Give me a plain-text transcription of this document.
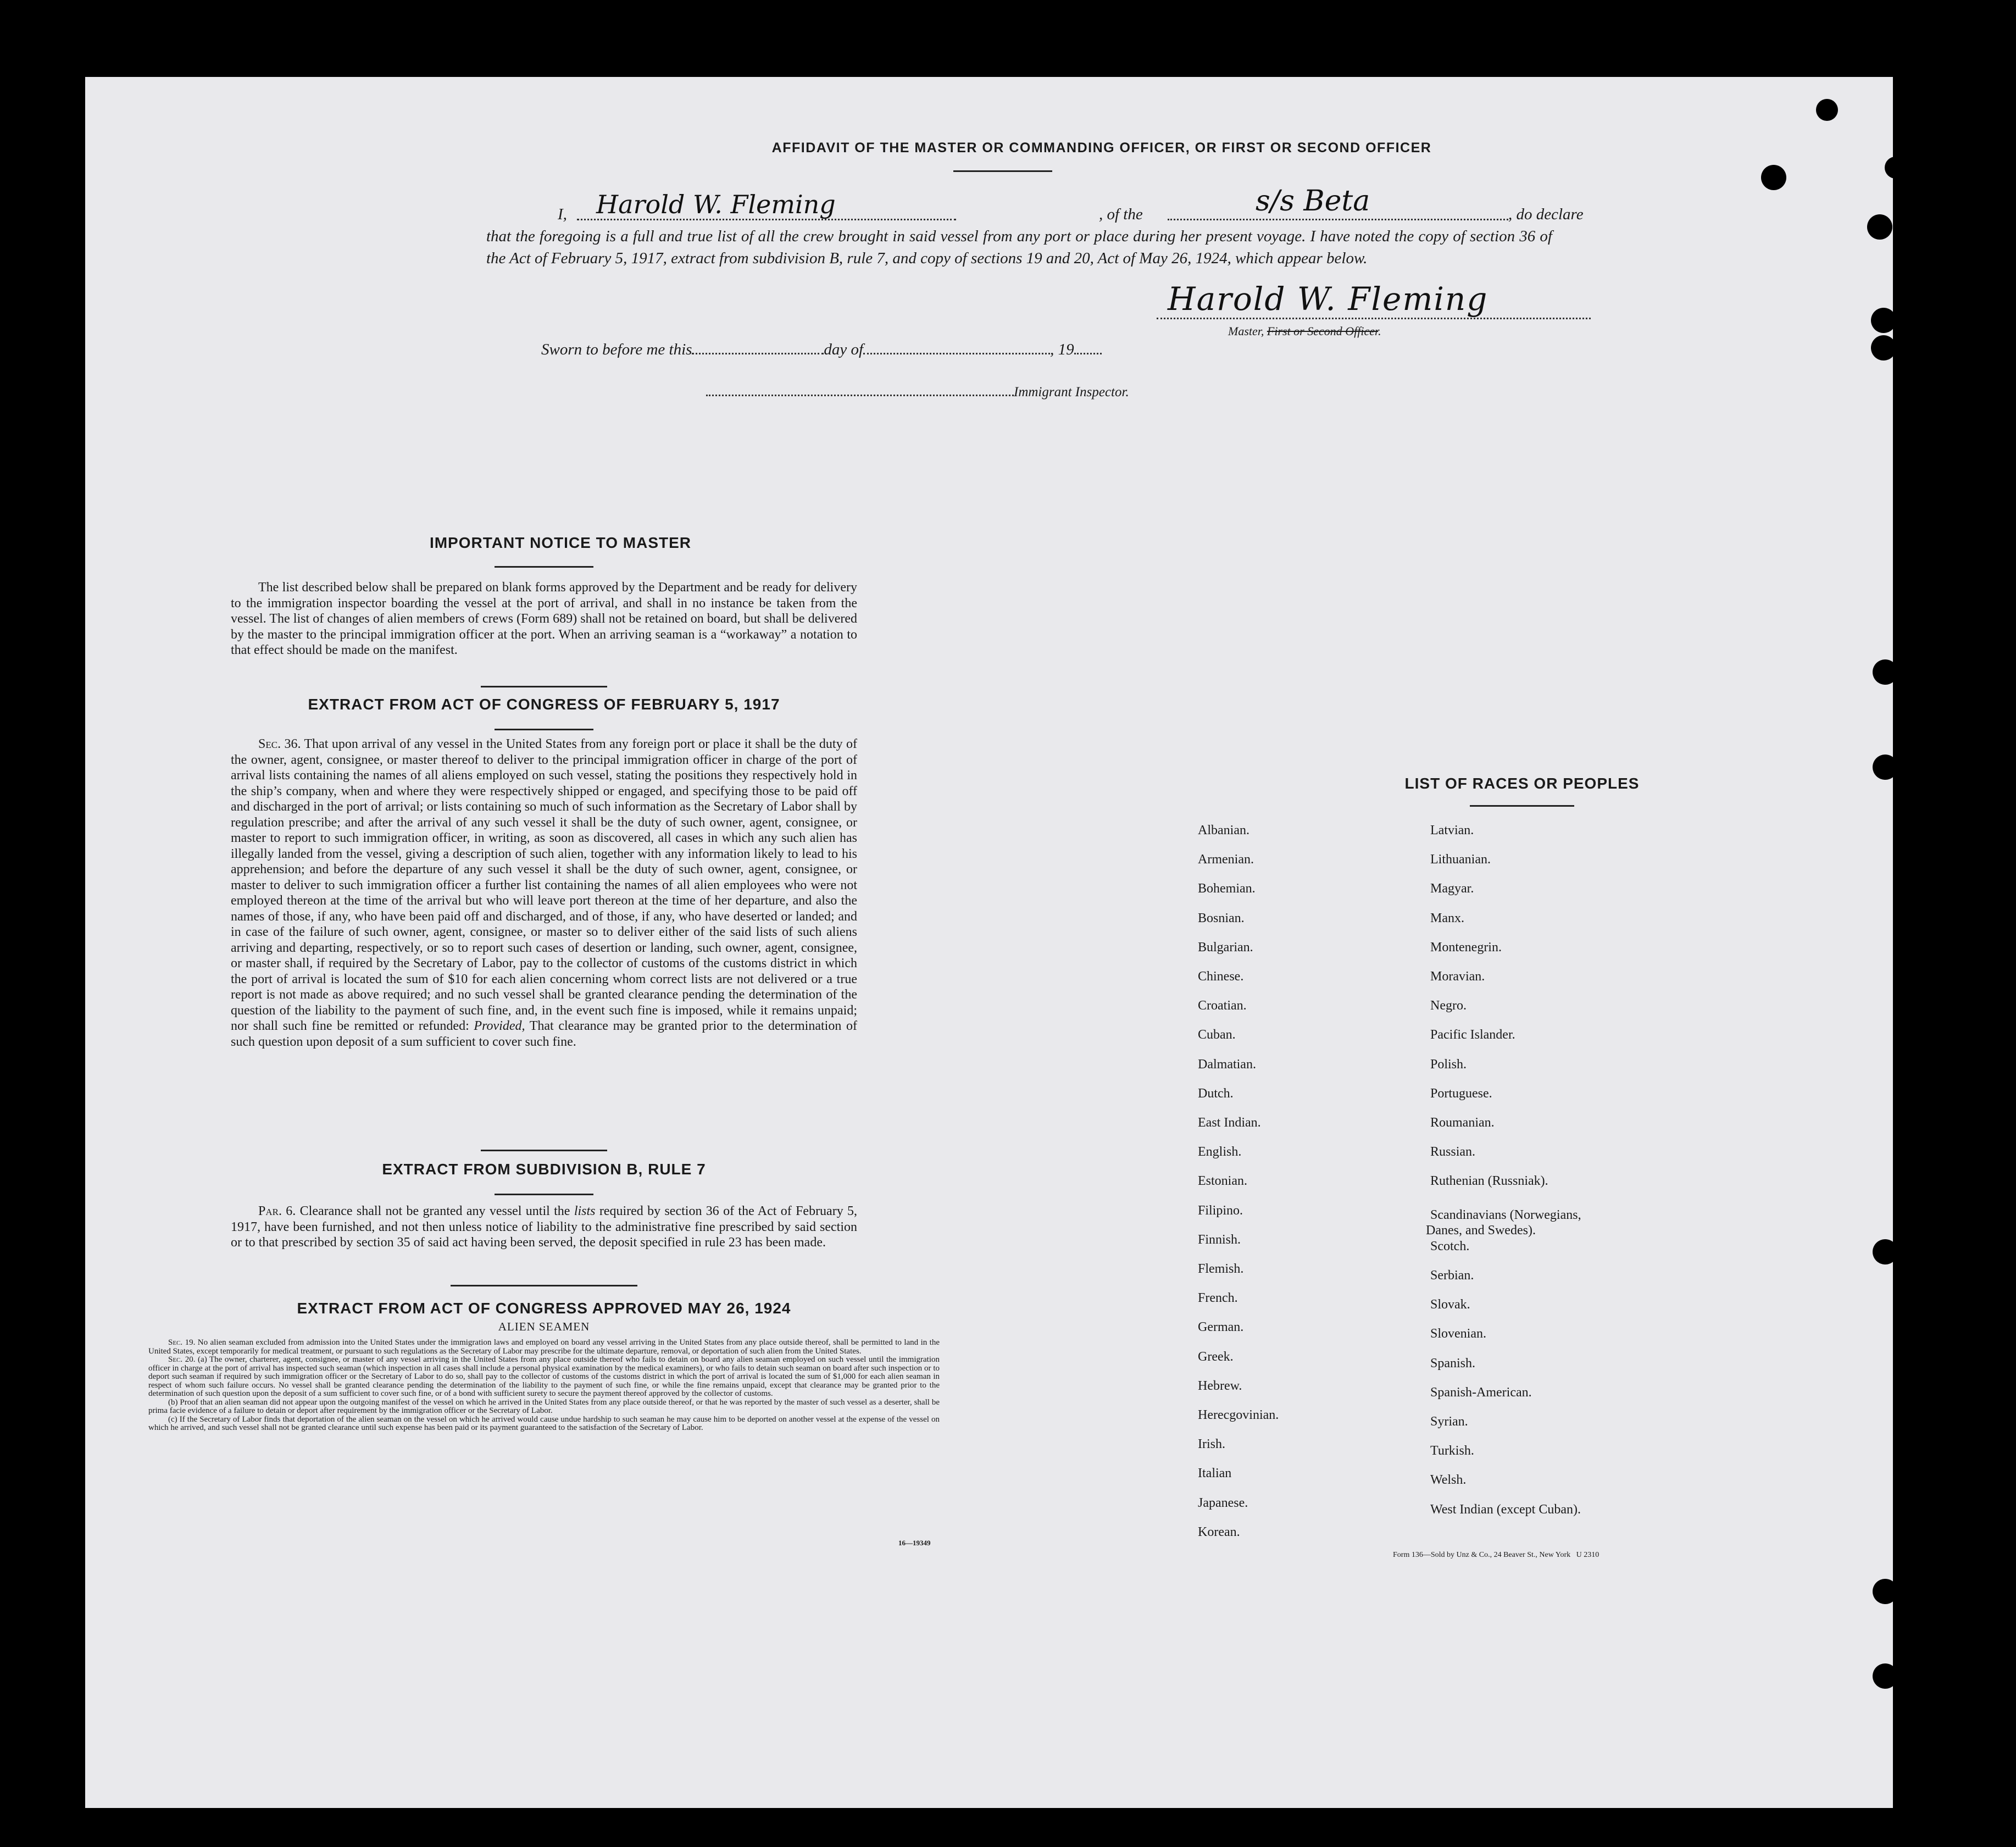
AFFIDAVIT OF THE MASTER OR COMMANDING OFFICER, OR FIRST OR SECOND OFFICER
I, Harold W. Fleming	, of the	s/s Beta	, do declare
that the foregoing is a full and true list of all the crew brought in said vessel from any port or place during her present voyage. I have noted the copy of section 36 of the Act of February 5, 1917, extract from subdivision B, rule 7, and copy of sections 19 and 20, Act of May 26, 1924, which appear below.
Harold W. Fleming
Master, First or Second Officer.
Sworn to before me this	day of	, 19
Immigrant Inspector.
IMPORTANT NOTICE TO MASTER
The list described below shall be prepared on blank forms approved by the Department and be ready for delivery to the immigration inspector boarding the vessel at the port of arrival, and shall in no instance be taken from the vessel. The list of changes of alien members of crews (Form 689) shall not be retained on board, but shall be delivered by the master to the principal immigration officer at the port. When an arriving seaman is a “workaway” a notation to that effect should be made on the manifest.
EXTRACT FROM ACT OF CONGRESS OF FEBRUARY 5, 1917
Sec. 36. That upon arrival of any vessel in the United States from any foreign port or place it shall be the duty of the owner, agent, consignee, or master thereof to deliver to the principal immigration officer in charge of the port of arrival lists containing the names of all aliens employed on such vessel, stating the positions they respectively hold in the ship’s company, when and where they were respectively shipped or engaged, and specifying those to be paid off and discharged in the port of arrival; or lists containing so much of such information as the Secretary of Labor shall by regulation prescribe; and after the arrival of any such vessel it shall be the duty of such owner, agent, consignee, or master to report to such immigration officer, in writing, as soon as discovered, all cases in which any such alien has illegally landed from the vessel, giving a description of such alien, together with any information likely to lead to his apprehension; and before the departure of any such vessel it shall be the duty of such owner, agent, consignee, or master to deliver to such immigration officer a further list containing the names of all alien employees who were not employed thereon at the time of the arrival but who will leave port thereon at the time of her departure, and also the names of those, if any, who have been paid off and discharged, and of those, if any, who have deserted or landed; and in case of the failure of such owner, agent, consignee, or master so to deliver either of the said lists of such aliens arriving and departing, respectively, or so to report such cases of desertion or landing, such owner, agent, consignee, or master shall, if required by the Secretary of Labor, pay to the collector of customs of the customs district in which the port of arrival is located the sum of $10 for each alien concerning whom correct lists are not delivered or a true report is not made as above required; and no such vessel shall be granted clearance pending the determination of the question of the liability to the payment of such fine, and, in the event such fine is imposed, while it remains unpaid; nor shall such fine be remitted or refunded: Provided, That clearance may be granted prior to the determination of such question upon deposit of a sum sufficient to cover such fine.
EXTRACT FROM SUBDIVISION B, RULE 7
Par. 6. Clearance shall not be granted any vessel until the lists required by section 36 of the Act of February 5, 1917, have been furnished, and not then unless notice of liability to the administrative fine prescribed by said section or to that prescribed by section 35 of said act having been served, the deposit specified in rule 23 has been made.
EXTRACT FROM ACT OF CONGRESS APPROVED MAY 26, 1924
ALIEN SEAMEN
Sec. 19. No alien seaman excluded from admission into the United States under the immigration laws and employed on board any vessel arriving in the United States from any place outside thereof, shall be permitted to land in the United States, except temporarily for medical treatment, or pursuant to such regulations as the Secretary of Labor may prescribe for the ultimate departure, removal, or deportation of such alien from the United States.
Sec. 20. (a) The owner, charterer, agent, consignee, or master of any vessel arriving in the United States from any place outside thereof who fails to detain on board any alien seaman employed on such vessel until the immigration officer in charge at the port of arrival has inspected such seaman (which inspection in all cases shall include a personal physical examination by the medical examiners), or who fails to detain such seaman on board after such inspection or to deport such seaman if required by such immigration officer or the Secretary of Labor to do so, shall pay to the collector of customs of the customs district in which the port of arrival is located the sum of $1,000 for each alien seaman in respect of whom such failure occurs. No vessel shall be granted clearance pending the determination of the liability to the payment of such fine, or while the fine remains unpaid, except that clearance may be granted prior to the determination of such question upon the deposit of a sum sufficient to cover such fine, or of a bond with sufficient surety to secure the payment thereof approved by the collector of customs.
(b) Proof that an alien seaman did not appear upon the outgoing manifest of the vessel on which he arrived in the United States from any place outside thereof, or that he was reported by the master of such vessel as a deserter, shall be prima facie evidence of a failure to detain or deport after requirement by the immigration officer or the Secretary of Labor.
(c) If the Secretary of Labor finds that deportation of the alien seaman on the vessel on which he arrived would cause undue hardship to such seaman he may cause him to be deported on another vessel at the expense of the vessel on which he arrived, and such vessel shall not be granted clearance until such expense has been paid or its payment guaranteed to the satisfaction of the Secretary of Labor.
16—19349
LIST OF RACES OR PEOPLES
Form 136—Sold by Unz & Co., 24 Beaver St., New York   U 2310
Albanian.
Armenian.
Bohemian.
Bosnian.
Bulgarian.
Chinese.
Croatian.
Cuban.
Dalmatian.
Dutch.
East Indian.
English.
Estonian.
Filipino.
Finnish.
Flemish.
French.
German.
Greek.
Hebrew.
Herecgovinian.
Irish.
Italian
Japanese.
Korean.
Latvian.
Lithuanian.
Magyar.
Manx.
Montenegrin.
Moravian.
Negro.
Pacific Islander.
Polish.
Portuguese.
Roumanian.
Russian.
Ruthenian (Russniak).
Scandinavians (Norwegians,
Danes, and Swedes).
Scotch.
Serbian.
Slovak.
Slovenian.
Spanish.
Spanish-American.
Syrian.
Turkish.
Welsh.
West Indian (except Cuban).
